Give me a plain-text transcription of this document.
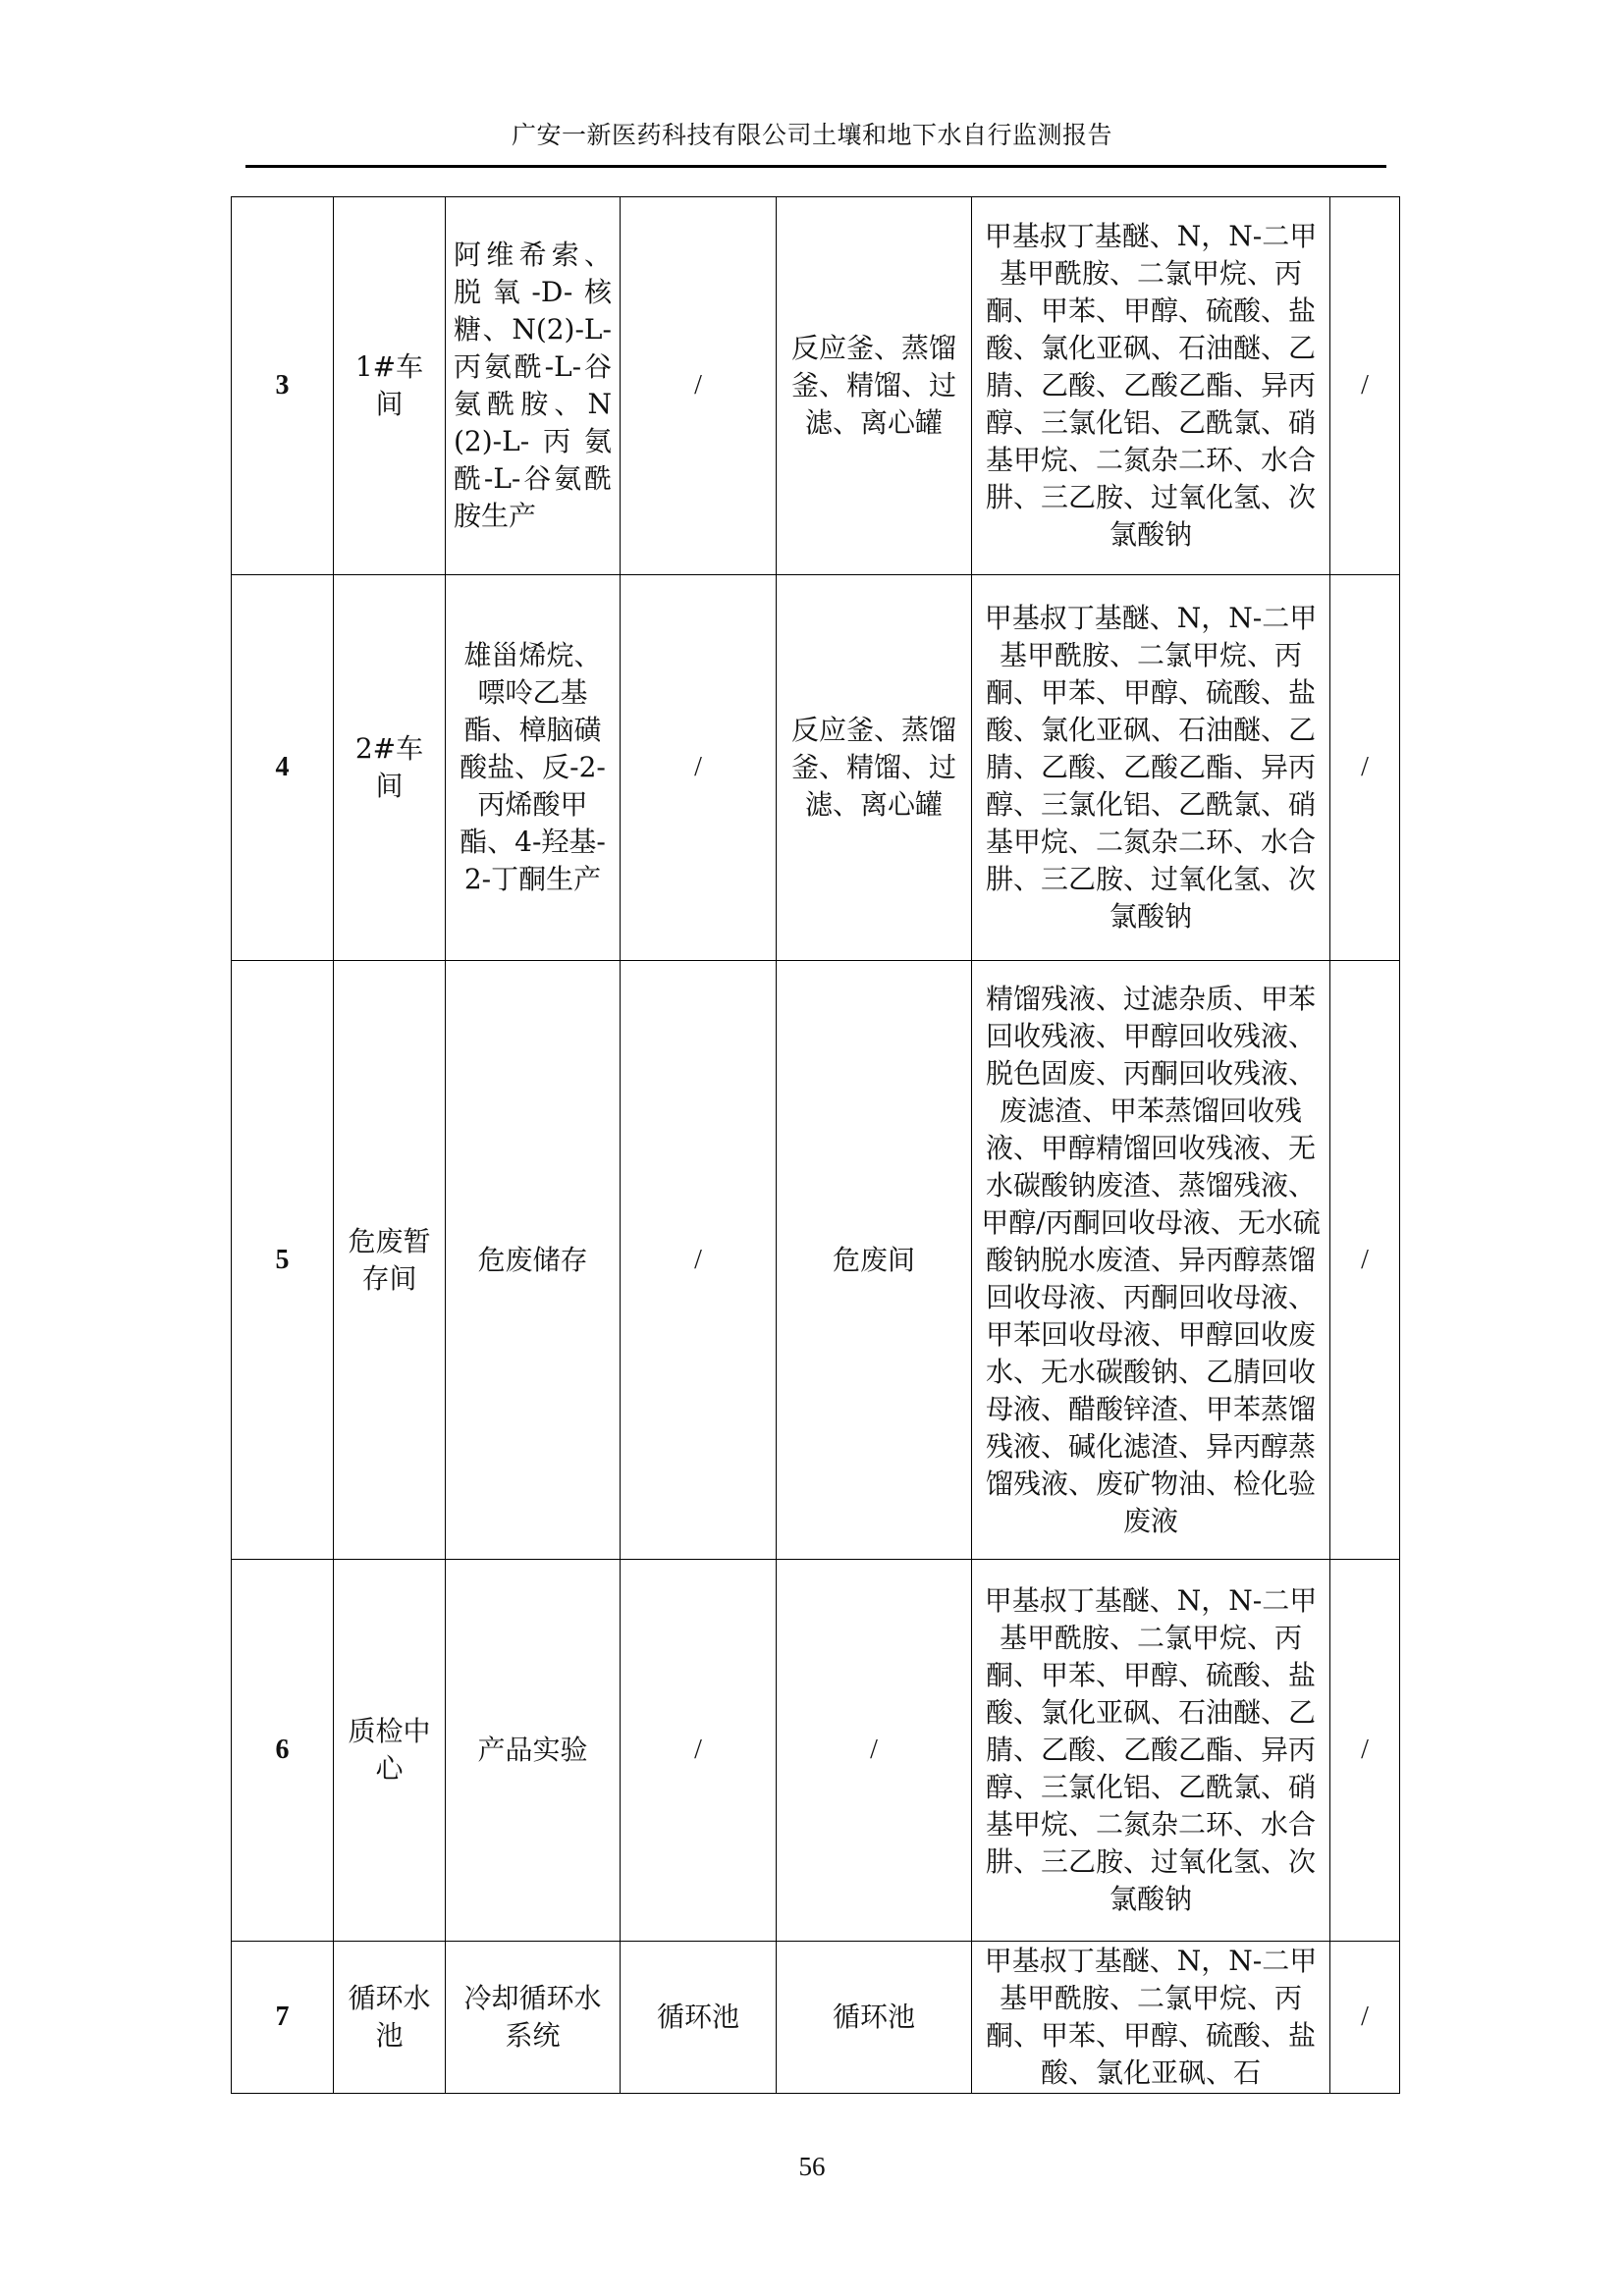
广安一新医药科技有限公司土壤和地下水自行监测报告
3	1#车间	阿维希索、脱氧-D-核糖、N(2)-L-丙氨酰-L-谷氨酰胺、N(2)-L-丙氨酰-L-谷氨酰胺生产	/	反应釜、蒸馏釜、精馏、过滤、离心罐	甲基叔丁基醚、N，N-二甲基甲酰胺、二氯甲烷、丙酮、甲苯、甲醇、硫酸、盐酸、氯化亚砜、石油醚、乙腈、乙酸、乙酸乙酯、异丙醇、三氯化铝、乙酰氯、硝基甲烷、二氮杂二环、水合肼、三乙胺、过氧化氢、次氯酸钠	/
4	2#车间	雄甾烯烷、嘌呤乙基酯、樟脑磺酸盐、反-2-丙烯酸甲酯、4-羟基-2-丁酮生产	/	反应釜、蒸馏釜、精馏、过滤、离心罐	甲基叔丁基醚、N，N-二甲基甲酰胺、二氯甲烷、丙酮、甲苯、甲醇、硫酸、盐酸、氯化亚砜、石油醚、乙腈、乙酸、乙酸乙酯、异丙醇、三氯化铝、乙酰氯、硝基甲烷、二氮杂二环、水合肼、三乙胺、过氧化氢、次氯酸钠	/
5	危废暂存间	危废储存	/	危废间	精馏残液、过滤杂质、甲苯回收残液、甲醇回收残液、脱色固废、丙酮回收残液、废滤渣、甲苯蒸馏回收残液、甲醇精馏回收残液、无水碳酸钠废渣、蒸馏残液、甲醇/丙酮回收母液、无水硫酸钠脱水废渣、异丙醇蒸馏回收母液、丙酮回收母液、甲苯回收母液、甲醇回收废水、无水碳酸钠、乙腈回收母液、醋酸锌渣、甲苯蒸馏残液、碱化滤渣、异丙醇蒸馏残液、废矿物油、检化验废液	/
6	质检中心	产品实验	/	/	甲基叔丁基醚、N，N-二甲基甲酰胺、二氯甲烷、丙酮、甲苯、甲醇、硫酸、盐酸、氯化亚砜、石油醚、乙腈、乙酸、乙酸乙酯、异丙醇、三氯化铝、乙酰氯、硝基甲烷、二氮杂二环、水合肼、三乙胺、过氧化氢、次氯酸钠	/
7	循环水池	冷却循环水系统	循环池	循环池	甲基叔丁基醚、N，N-二甲基甲酰胺、二氯甲烷、丙酮、甲苯、甲醇、硫酸、盐酸、氯化亚砜、石	/
56
